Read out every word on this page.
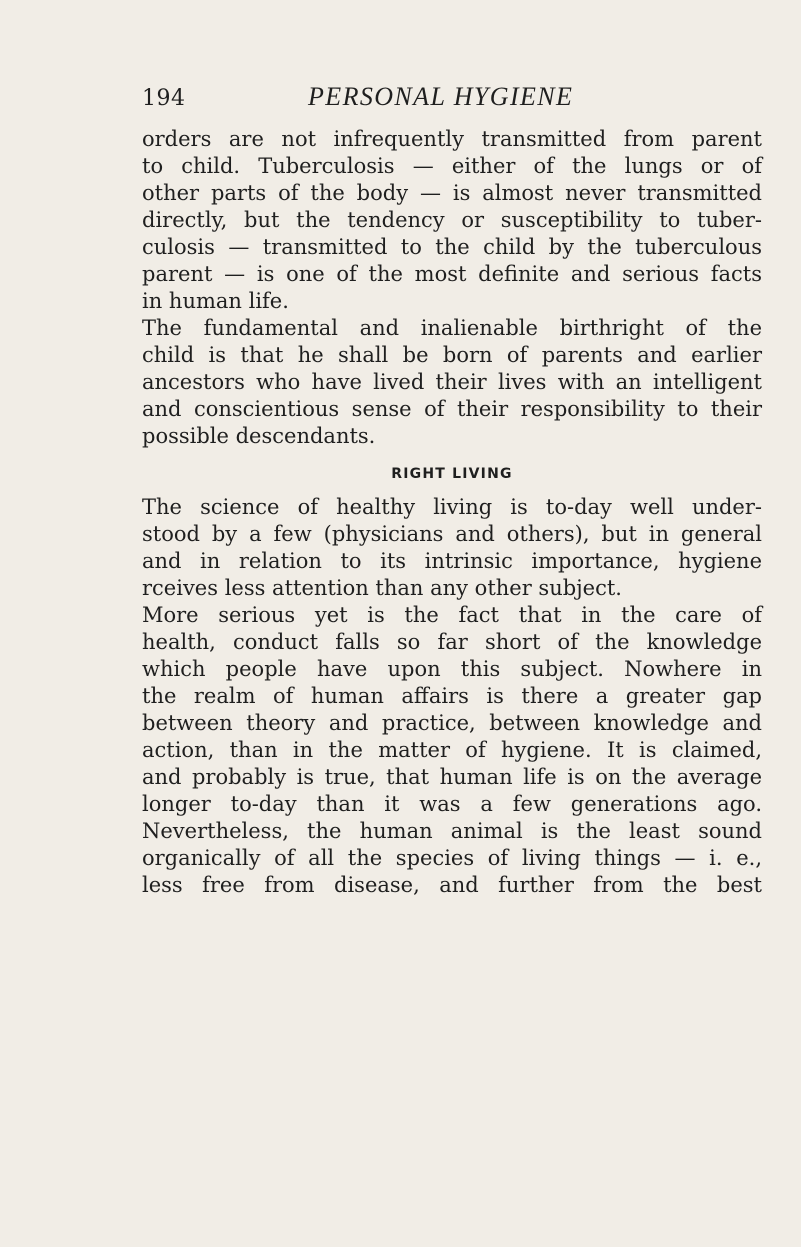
194	PERSONAL HYGIENE
orders are not infrequently transmitted from parent
to child. Tuberculosis — either of the lungs or of
other parts of the body — is almost never transmitted
directly, but the tendency or susceptibility to tuber-
culosis — transmitted to the child by the tuberculous
parent — is one of the most definite and serious facts
in human life.
The fundamental and inalienable birthright of the
child is that he shall be born of parents and earlier
ancestors who have lived their lives with an intelligent
and conscientious sense of their responsibility to their
possible descendants.
RIGHT LIVING
The science of healthy living is to-day well under-
stood by a few (physicians and others), but in general
and in relation to its intrinsic importance, hygiene
rceives less attention than any other subject.
More serious yet is the fact that in the care of
health, conduct falls so far short of the knowledge
which people have upon this subject. Nowhere in
the realm of human affairs is there a greater gap
between theory and practice, between knowledge and
action, than in the matter of hygiene. It is claimed,
and probably is true, that human life is on the average
longer to-day than it was a few generations ago.
Nevertheless, the human animal is the least sound
organically of all the species of living things — i. e.,
less free from disease, and further from the best
